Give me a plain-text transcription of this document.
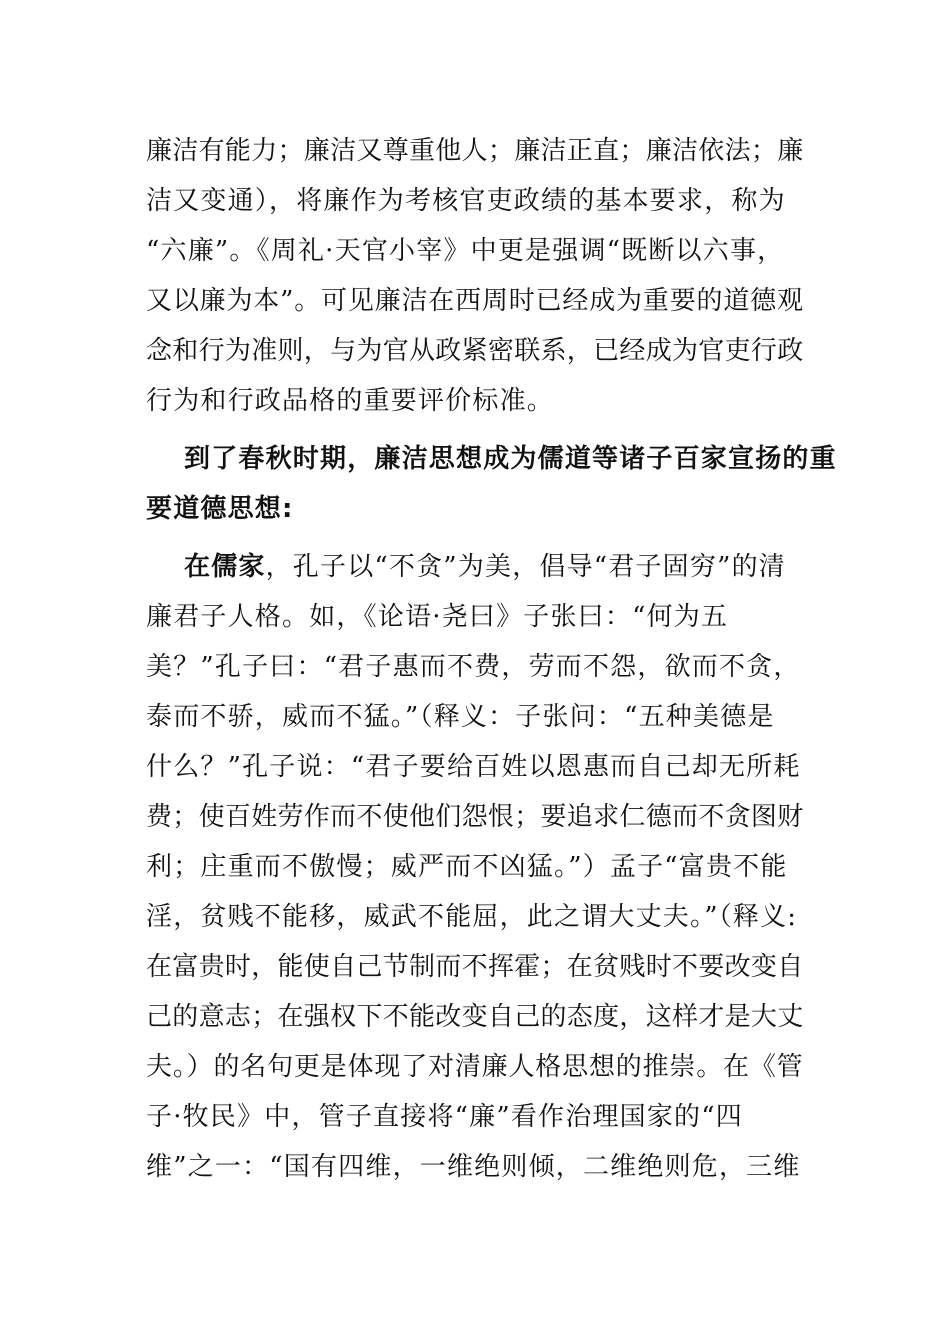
廉洁有能力；廉洁又尊重他人；廉洁正直；廉洁依法；廉
洁又变通），将廉作为考核官吏政绩的基本要求，称为
“六廉”。《周礼·天官小宰》中更是强调“既断以六事，
又以廉为本”。可见廉洁在西周时已经成为重要的道德观
念和行为准则，与为官从政紧密联系，已经成为官吏行政
行为和行政品格的重要评价标准。
到了春秋时期，廉洁思想成为儒道等诸子百家宣扬的重
要道德思想:
在儒家，孔子以“不贪”为美，倡导“君子固穷”的清
廉君子人格。如，《论语·尧曰》子张曰：“何为五
美？”孔子曰：“君子惠而不费，劳而不怨，欲而不贪，
泰而不骄，威而不猛。”（释义：子张问：“五种美德是
什么？”孔子说：“君子要给百姓以恩惠而自己却无所耗
费；使百姓劳作而不使他们怨恨；要追求仁德而不贪图财
利；庄重而不傲慢；威严而不凶猛。”）孟子“富贵不能
淫，贫贱不能移，威武不能屈，此之谓大丈夫。”（释义:
在富贵时，能使自己节制而不挥霍；在贫贱时不要改变自
己的意志；在强权下不能改变自己的态度，这样才是大丈
夫。）的名句更是体现了对清廉人格思想的推崇。在《管
子·牧民》中，管子直接将“廉”看作治理国家的“四
维”之一：“国有四维，一维绝则倾，二维绝则危，三维
